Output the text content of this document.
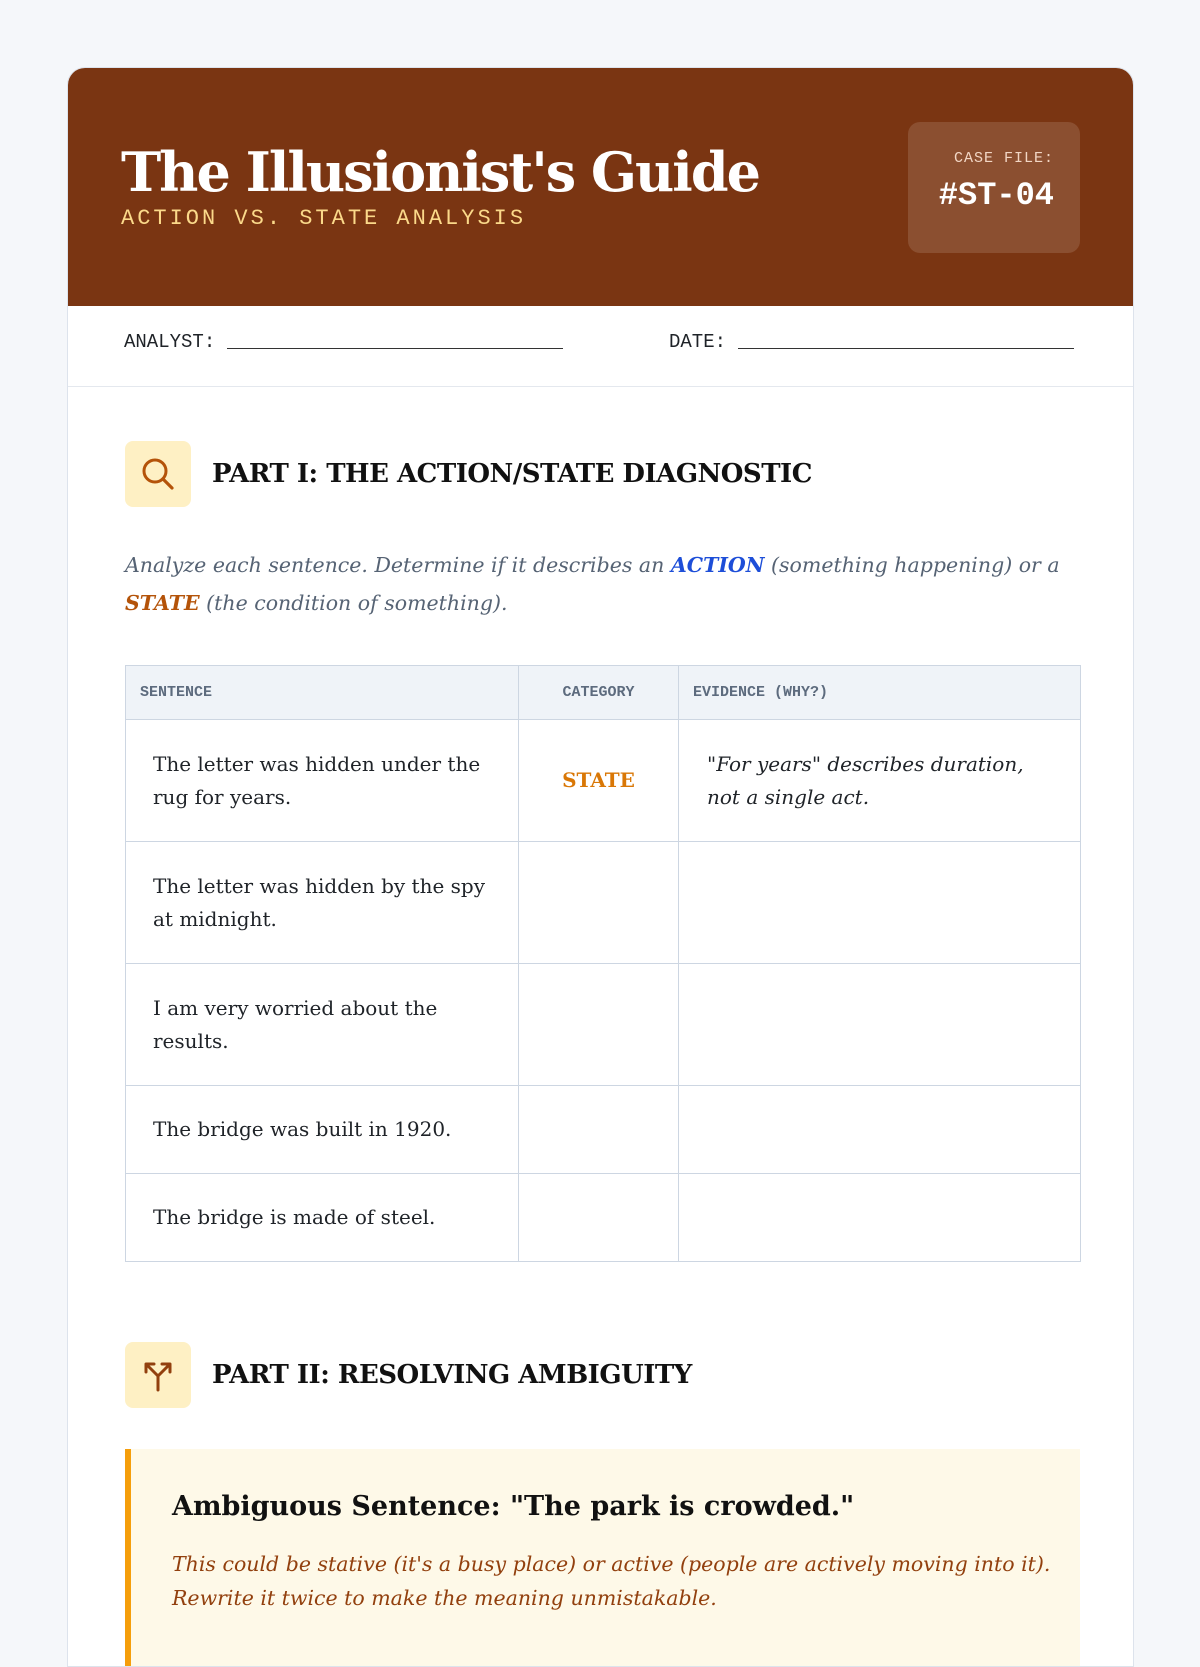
The Illusionist's Guide
ACTION VS. STATE ANALYSIS
CASE FILE:
#ST-04
ANALYST:	DATE:
PART I: THE ACTION/STATE DIAGNOSTIC
Analyze each sentence. Determine if it describes an ACTION (something happening) or a STATE (the condition of something).
SENTENCE	CATEGORY	EVIDENCE (WHY?)
The letter was hidden under the rug for years.	STATE	"For years" describes duration, not a single act.
The letter was hidden by the spy at midnight.		
I am very worried about the results.		
The bridge was built in 1920.		
The bridge is made of steel.		
PART II: RESOLVING AMBIGUITY
Ambiguous Sentence: "The park is crowded."
This could be stative (it's a busy place) or active (people are actively moving into it). Rewrite it twice to make the meaning unmistakable.
